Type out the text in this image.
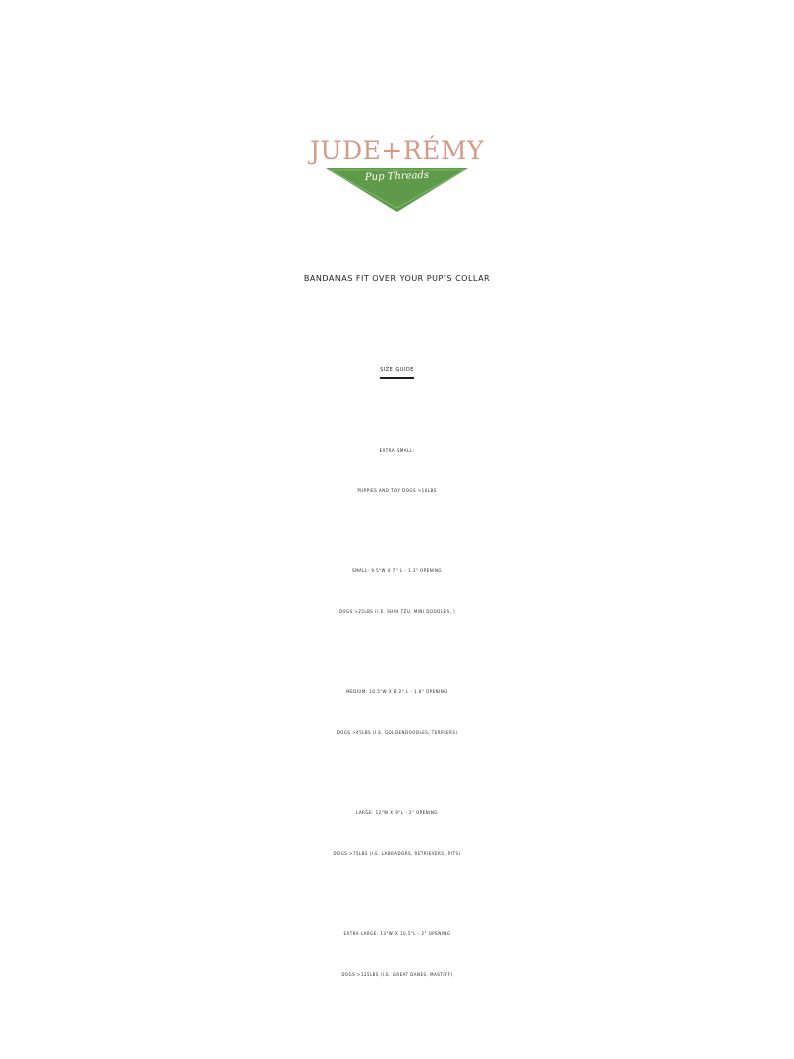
JUDE+RÉMY
Pup Threads
BANDANAS FIT OVER YOUR PUP'S COLLAR
SIZE GUIDE
EXTRA SMALL:
PUPPIES AND TOY DOGS >10LBS
SMALL: 9.5"W X 7" L - 1.2" OPENING
DOGS >25LBS (I.E. SHIH TZU, MINI DOODLES, )
MEDIUM: 10.5"W X 8.2" L - 1.8" OPENING
DOGS >45LBS (I.E. GOLDENDOODLES, TERRIERS)
LARGE: 12"W X 9"L - 2" OPENING
DOGS >75LBS (I.E. LABRADORS, RETRIEVERS, PITS)
EXTRA LARGE: 13"W X 10.5"L - 2" OPENING
DOGS >125LBS (I.E. GREAT DANES, MASTIFF)
